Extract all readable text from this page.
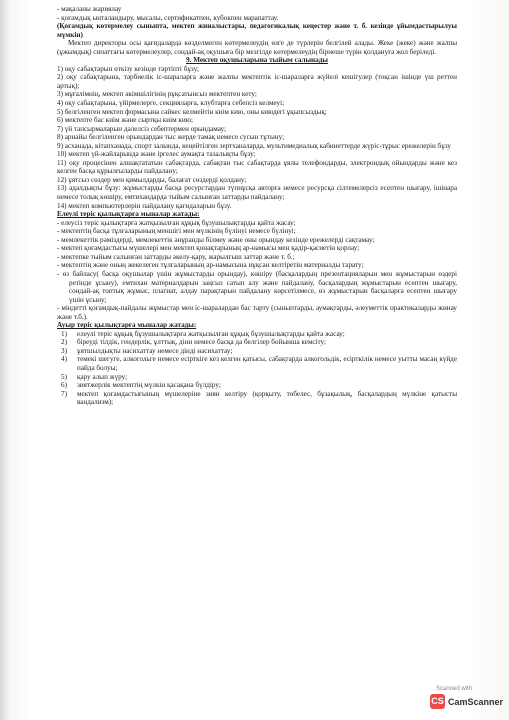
- мақаланы жариялау

- қоғамдық ынталандыру, мысалы, сертификатпен, кубокпен марапаттау.

(Қоғамдық көтермелеу сыныпта, мектеп жиналыстары, педагогикалық кеңестер және т. б. кезінде ұйымдастырылуы мүмкін)

Мектеп директоры осы қағидаларда көзделмеген көтермелеудің өзге де түрлерін белгілей алады. Жеке (жеке) және жалпы (ұжымдық) сипаттағы көтермелеулер, сондай-ақ оқушыға бір мезгілде көтермелеудің бірнеше түрін қолдануға жол беріледі.

9. Мектеп оқушыларына тыйым салынады

1) оқу сабақтарын өткізу кезінде тәртіпті бұзу;

2) оқу сабақтарына, тәрбиелік іс-шараларға және жалпы мектептік іс-шараларға жүйелі кешігулер (тоқсан ішінде үш реттен артық);

3) мұғалімнің, мектеп әкімшілігінің рұқсатынсыз мектептен кету;

4) оқу сабақтарына, үйірмелерге, секцияларға, клубтарға себепсіз келмеуі;

5) белгіленген мектеп формасына сәйкес келмейтін киім кию, оны киюдегі ұқыпсыздық;

6) мектепте бас киім және сыртқы киім кию;

7) үй тапсырмаларын дәлелсіз себептермен орындамау;

8) арнайы белгіленген орындардан тыс жерде тамақ немесе сусын тұтыну;

9) асханада, кітапханада, спорт залында, кеңейтілген зертханаларда, мультимедиалық кабинеттерде жүріс-тұрыс ережелерін бұзу

10) мектеп үй-жайларында және іргелес аумақта тазалықты бұзу;

11) оқу процесінен алшақтататын сабақтарда, сабақтан тыс сабақтарда ұялы телефондарды, электрондық ойындарды және кез келген басқа құрылғыларды пайдалану;

12) ұятсыз сөздер мен қимылдарды, балағат сөздерді қолдану;

13) адалдықты бұзу: жұмыстарды басқа ресурстардан түпнұсқа авторға немесе ресурсқа сілтемелерсіз есептен шығару, ішінара немесе толық көшіру, емтихандарда тыйым салынған заттарды пайдалану;

14) мектеп компьютерлерін пайдалану қағидаларын бұзу.

Елеулі теріс қылықтарға мыналар жатады:

- елеусіз теріс қылықтарға жатқызылған құқық бұзушылықтарды қайта жасау;

- мектептің басқа тұлғаларының меншігі мен мүлкінің бүлінуі немесе бүлінуі;

- мемлекеттік рәміздерді, мемлекеттік әнұранды білмеу және оны орындау кезінде ережелерді сақтамау;

- мектеп қоғамдастығы мүшелері мен мектеп қонақтарының ар-намысы мен қадір-қасиетін қорлау;

- мектепке тыйым салынған заттарды әкелу-қару, жарылғыш заттар және т. б.;

- мектептің және оның жекелеген тұлғаларының ар-намысына нұқсан келтіретін материалды тарату;

- өз байласу( басқа оқушылар үшін жұмыстарды орындау), көшіру (басқалардың презентацияларын мен жұмыстарын өздері ретінде ұсыну), емтихан материалдарын заңсыз сатып алу және пайдалану, басқалардың жұмыстарын есептен шығару, сондай-ақ топтық жұмыс, плагиат, алдау парақтарын пайдалану көрсетілмесе, өз жұмыстарын басқаларға есептен шығару үшін ұсыну;

- міндетті қоғамдық-пайдалы жұмыстар мен іс-шаралардан бас тарту (сыныптарды, аумақтарды, әлеуметтік практикаларды жинау және т.б.).

Ауыр теріс қылықтарға мыналар жатады:

1)	елеулі теріс құқық бұзушылықтарға жатқызылған құқық бұзушылықтарды қайта жасау;
2)	біреуді тілдік, гендерлік, ұлттық, діни немесе басқа да белгілер бойынша кемсіту;
3)	ұятшылдықты насихаттау немесе дінді насихаттау;
4)	темекі шегуге, алкогольге немесе есірткіге кез келген қатысы, сабақтарда алкогольдік, есірткілік немесе уытты масаң күйде пайда болуы;
5)	қару алып жүру;
6)	зиятжерлік мектептің мүлкін қасақана бүлдіру;
7)	мектеп қоғамдастығының мүшелеріне зиян келтіру (қорқыту, төбелес, бұзақылық, басқалардың мүлкіне қатысты вандализм);
Scanned with
CS CamScanner
